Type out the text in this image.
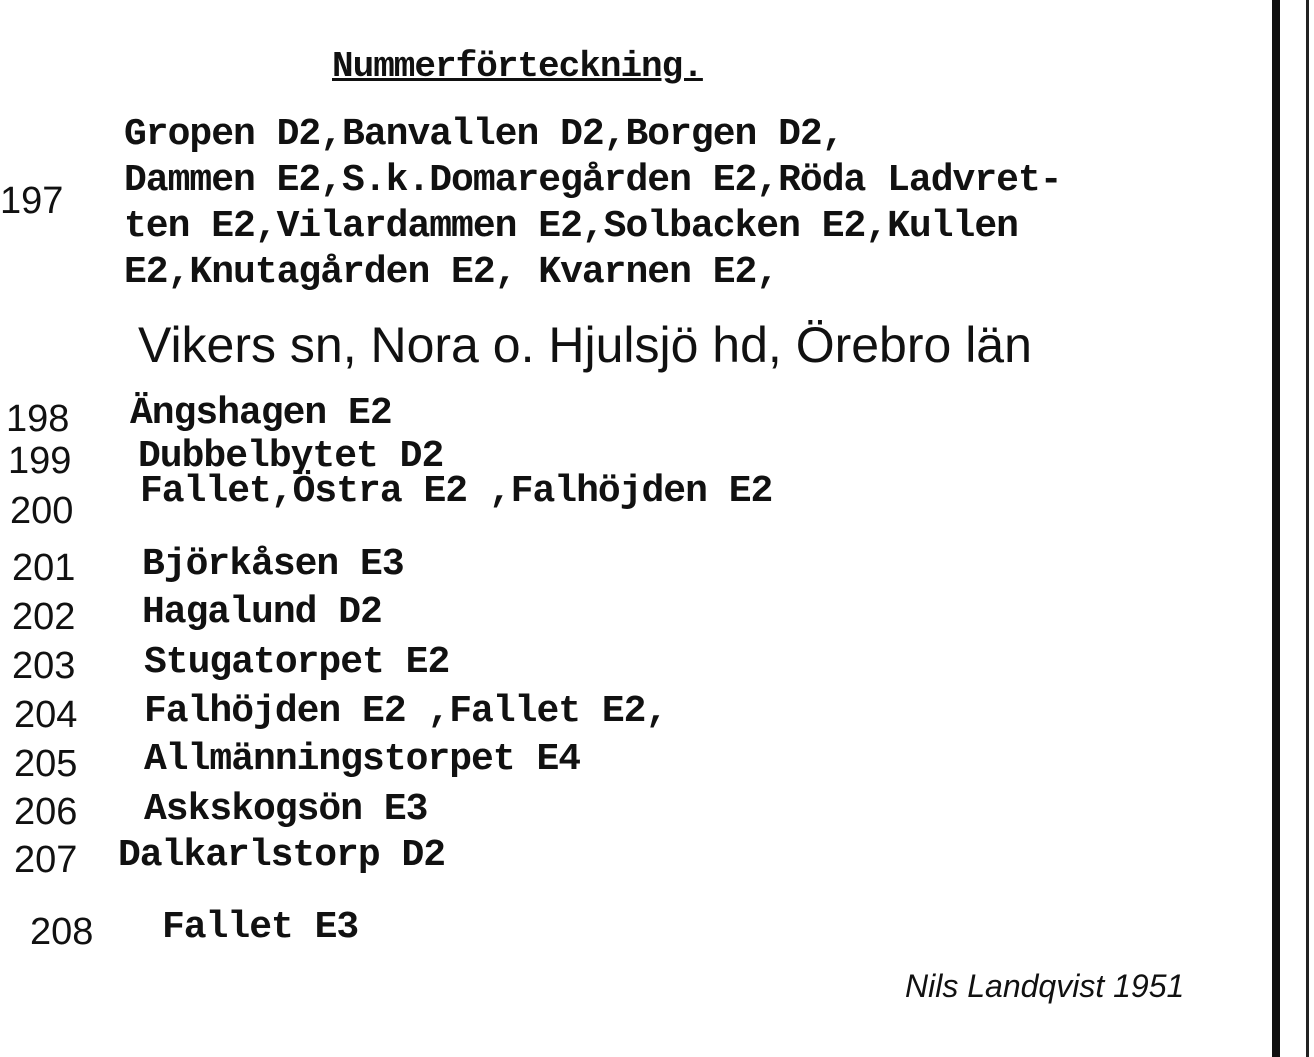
Nummerförteckning.
197
Gropen D2,Banvallen D2,Borgen D2,
Dammen E2,S.k.Domaregården E2,Röda Ladvret-
ten E2,Vilardammen E2,Solbacken E2,Kullen
E2,Knutagården E2, Kvarnen E2,
Vikers sn, Nora o. Hjulsjö hd, Örebro län
198 Ängshagen E2
199 Dubbelbytet D2
200 Fallet,Östra E2 ,Falhöjden E2
201 Björkåsen E3
202 Hagalund D2
203 Stugatorpet E2
204 Falhöjden E2 ,Fallet E2,
205 Allmänningstorpet E4
206 Askskogsön E3
207 Dalkarlstorp D2
208 Fallet E3
Nils Landqvist 1951
